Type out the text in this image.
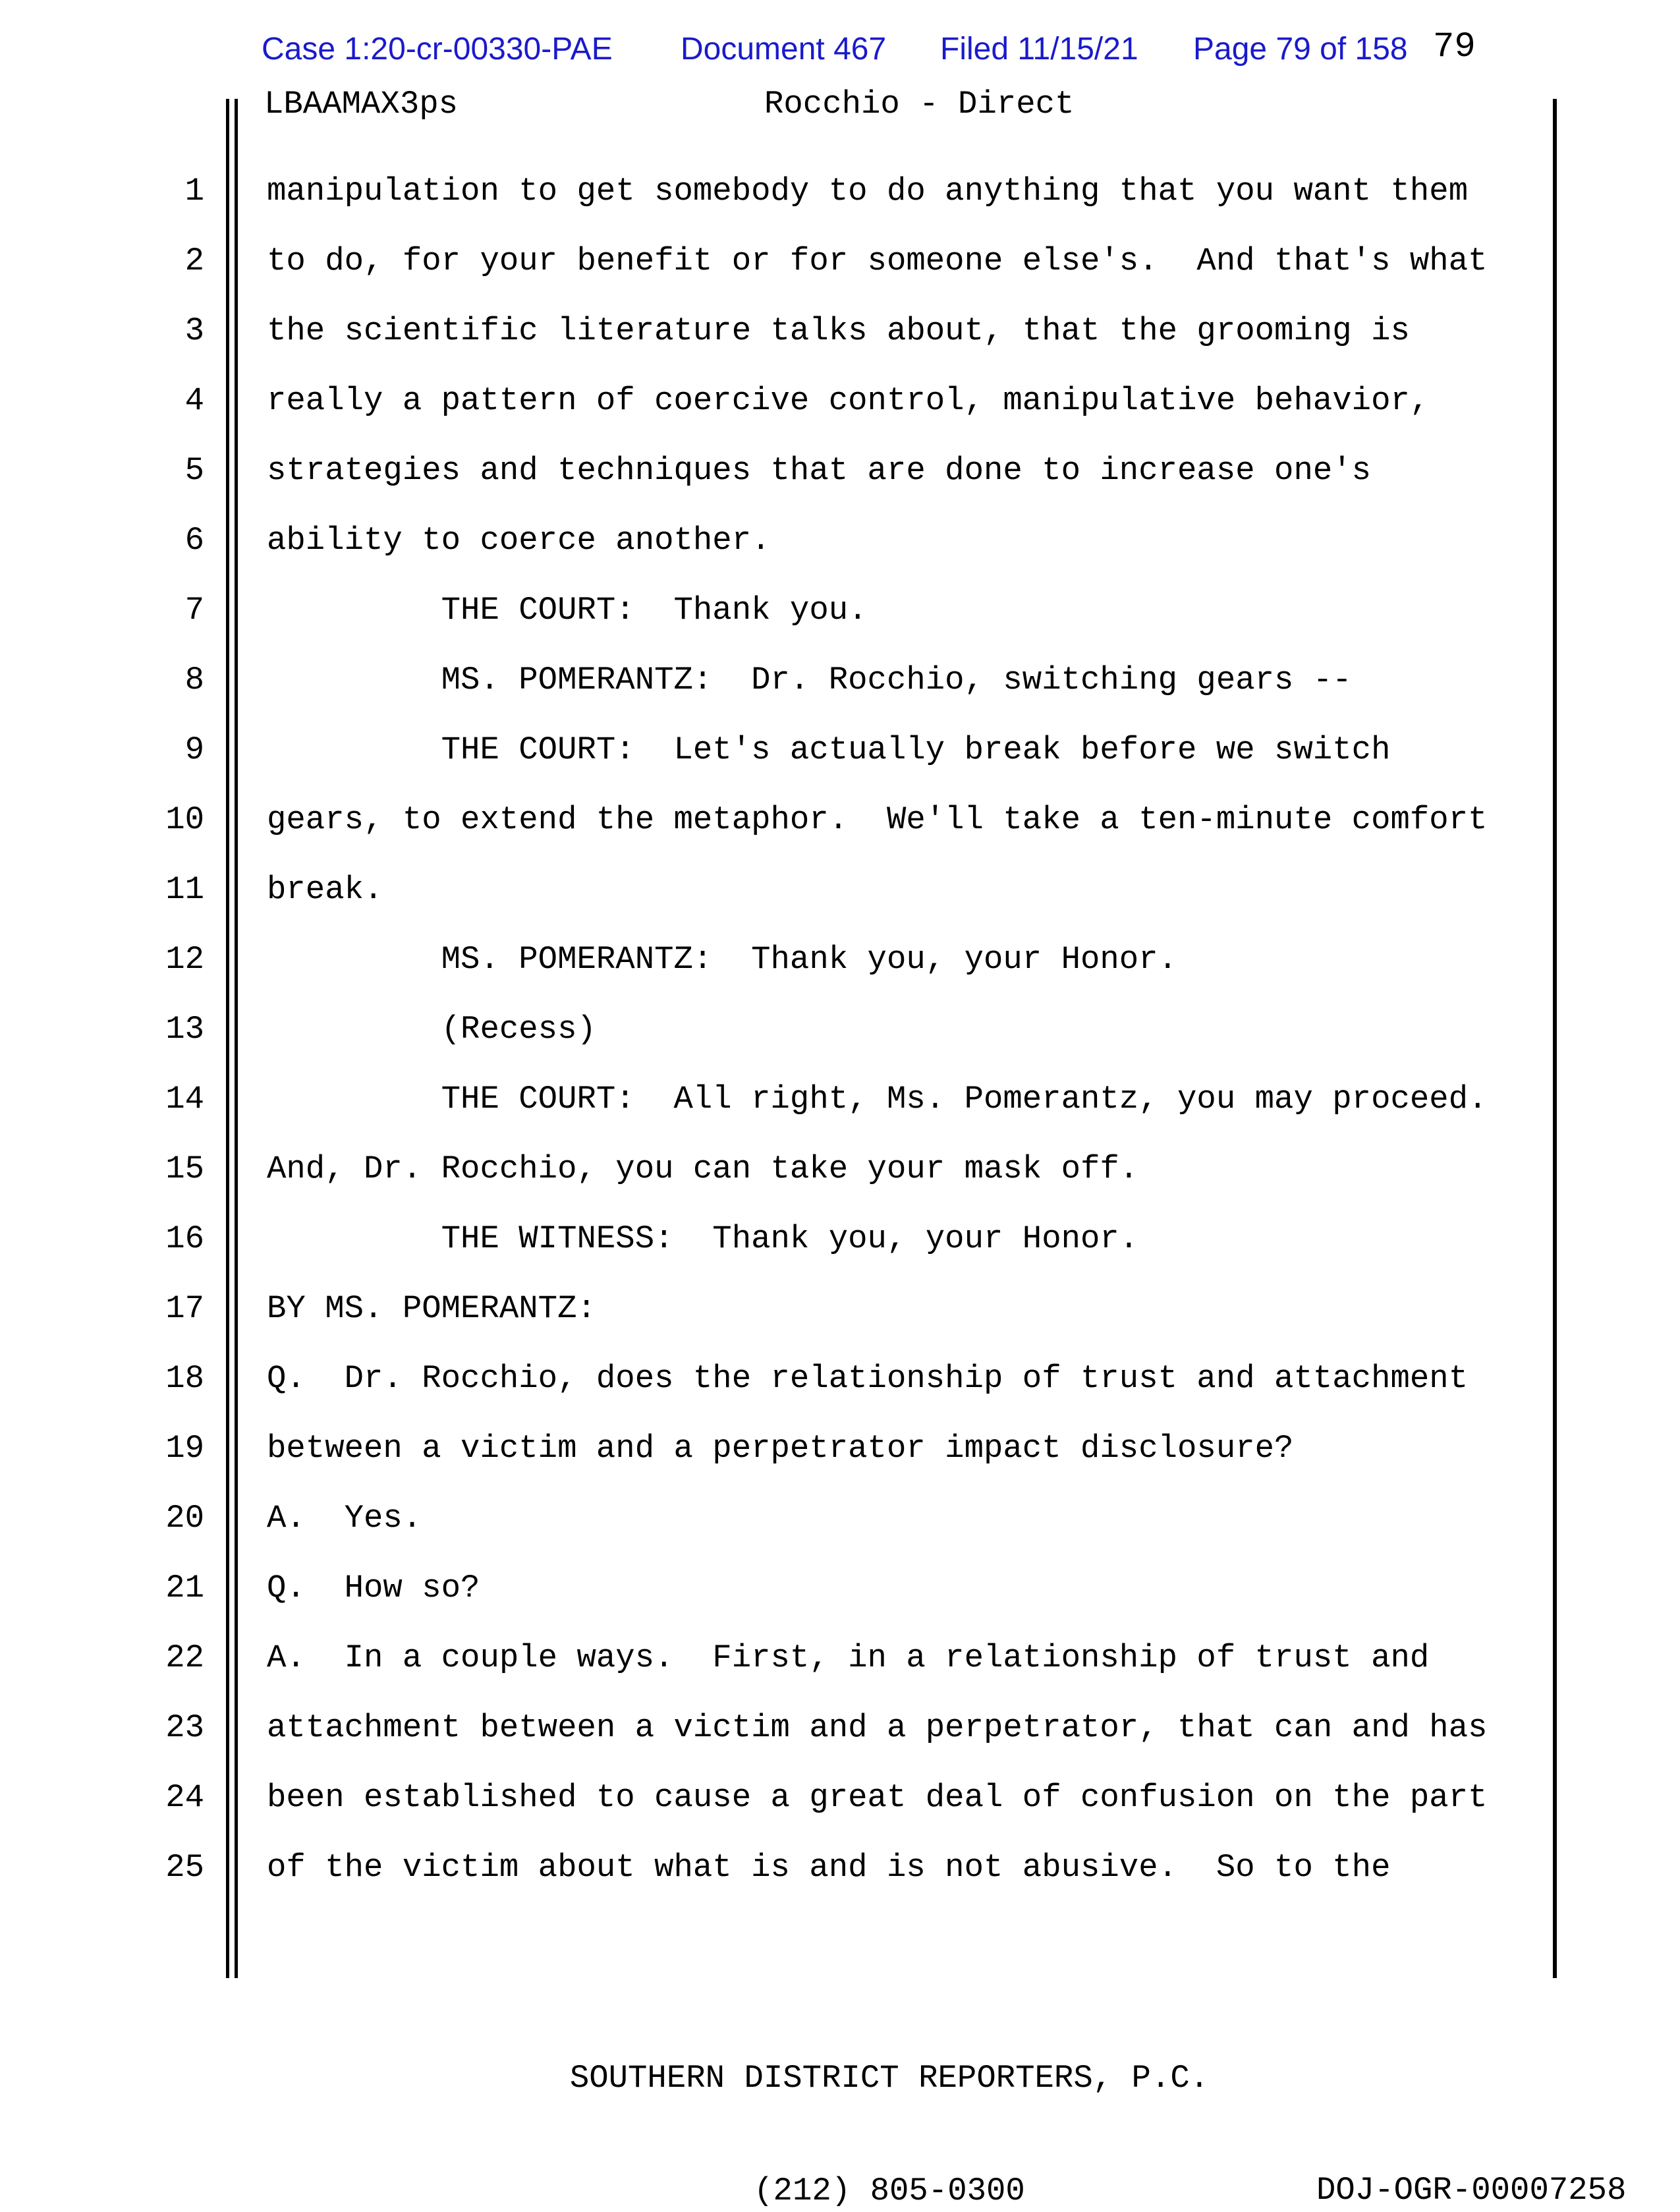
Case 1:20-cr-00330-PAE Document 467 Filed 11/15/21 Page 79 of 158 79
LBAAMAX3ps	Rocchio - Direct
1	manipulation to get somebody to do anything that you want them
2	to do, for your benefit or for someone else's.  And that's what
3	the scientific literature talks about, that the grooming is
4	really a pattern of coercive control, manipulative behavior,
5	strategies and techniques that are done to increase one's
6	ability to coerce another.
7	THE COURT:  Thank you.
8	MS. POMERANTZ:  Dr. Rocchio, switching gears --
9	THE COURT:  Let's actually break before we switch
10	gears, to extend the metaphor.  We'll take a ten-minute comfort
11	break.
12	MS. POMERANTZ:  Thank you, your Honor.
13	(Recess)
14	THE COURT:  All right, Ms. Pomerantz, you may proceed.
15	And, Dr. Rocchio, you can take your mask off.
16	THE WITNESS:  Thank you, your Honor.
17	BY MS. POMERANTZ:
18	Q.  Dr. Rocchio, does the relationship of trust and attachment
19	between a victim and a perpetrator impact disclosure?
20	A.  Yes.
21	Q.  How so?
22	A.  In a couple ways.  First, in a relationship of trust and
23	attachment between a victim and a perpetrator, that can and has
24	been established to cause a great deal of confusion on the part
25	of the victim about what is and is not abusive.  So to the

SOUTHERN DISTRICT REPORTERS, P.C.

(212) 805-0300

	DOJ-OGR-00007258
